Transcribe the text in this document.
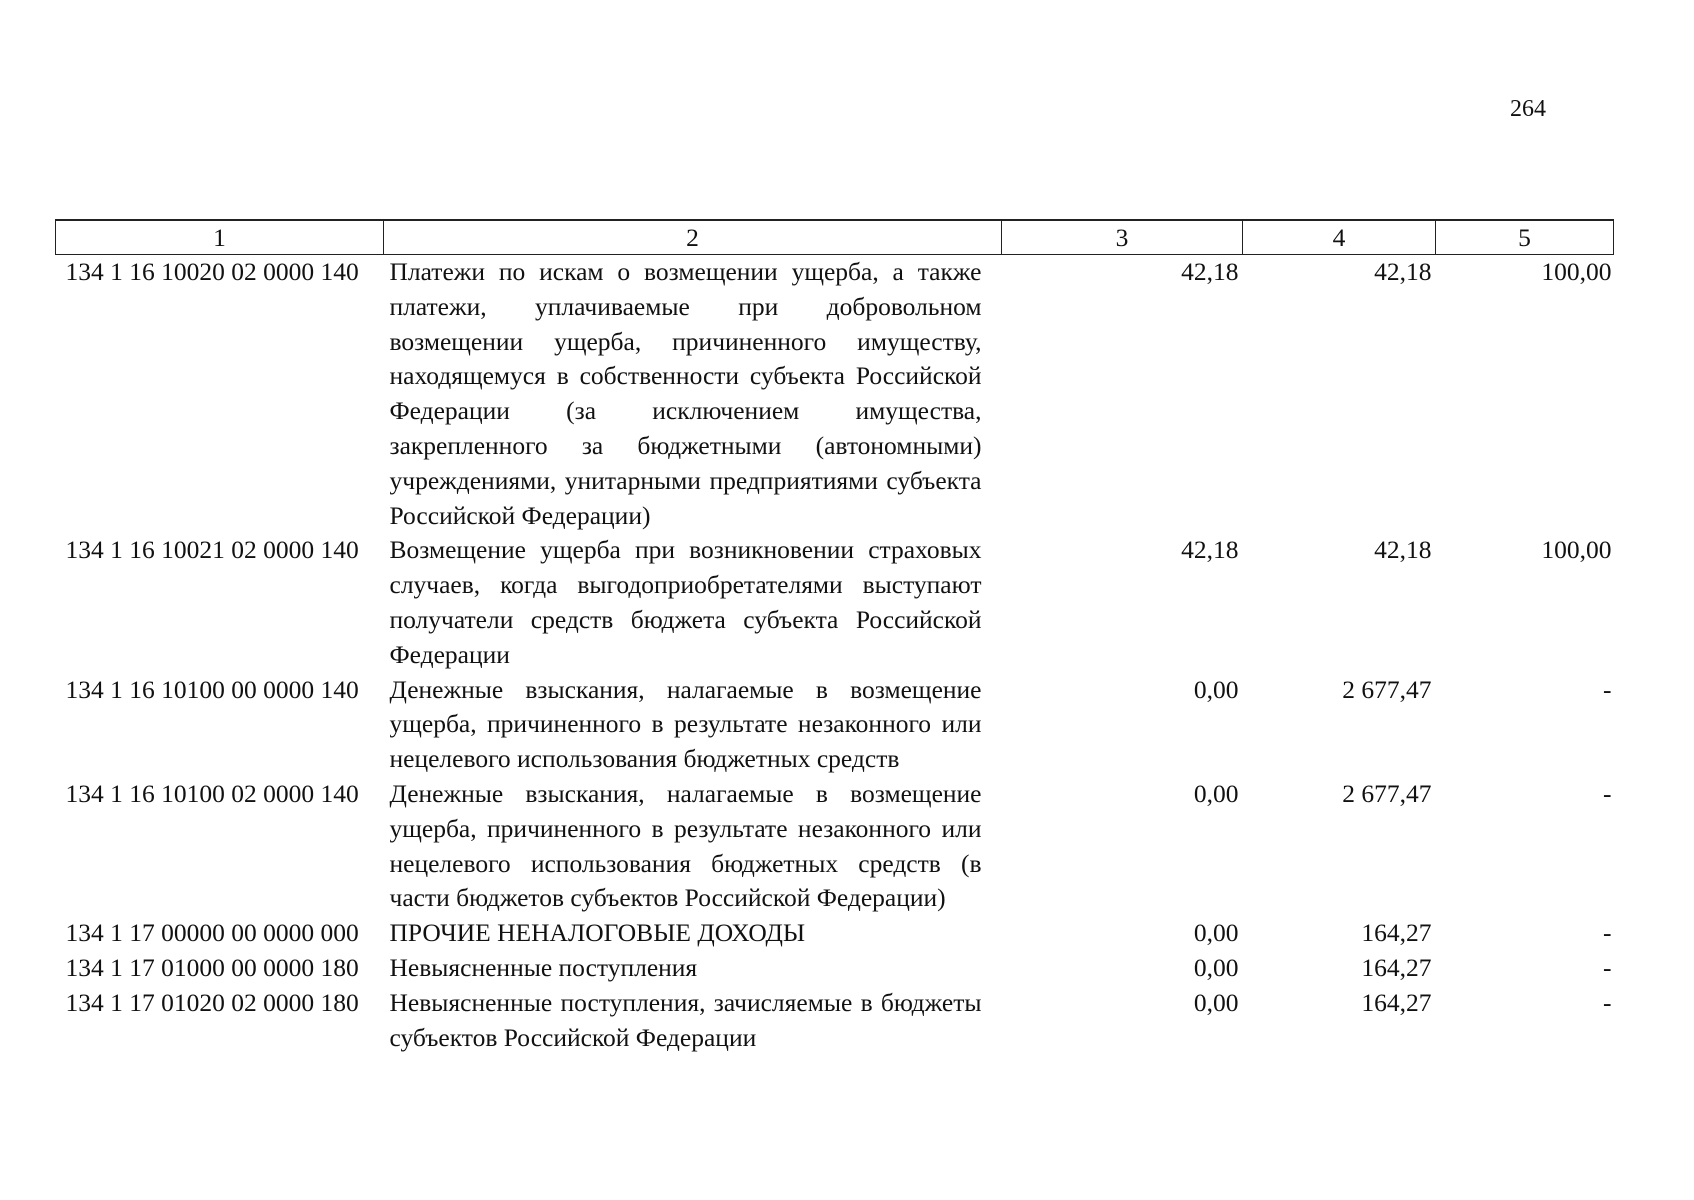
264
1	2	3	4	5
134 1 16 10020 02 0000 140	Платежи по искам о возмещении ущерба, а также платежи, уплачиваемые при добровольном возмещении ущерба, причиненного имуществу, находящемуся в собственности субъекта Российской Федерации (за исключением имущества, закрепленного за бюджетными (автономными) учреждениями, унитарными предприятиями субъекта Российской Федерации)	42,18	42,18	100,00
134 1 16 10021 02 0000 140	Возмещение ущерба при возникновении страховых случаев, когда выгодоприобретателями выступают получатели средств бюджета субъекта Российской Федерации	42,18	42,18	100,00
134 1 16 10100 00 0000 140	Денежные взыскания, налагаемые в возмещение ущерба, причиненного в результате незаконного или нецелевого использования бюджетных средств	0,00	2 677,47	-
134 1 16 10100 02 0000 140	Денежные взыскания, налагаемые в возмещение ущерба, причиненного в результате незаконного или нецелевого использования бюджетных средств (в части бюджетов субъектов Российской Федерации)	0,00	2 677,47	-
134 1 17 00000 00 0000 000	ПРОЧИЕ НЕНАЛОГОВЫЕ ДОХОДЫ	0,00	164,27	-
134 1 17 01000 00 0000 180	Невыясненные поступления	0,00	164,27	-
134 1 17 01020 02 0000 180	Невыясненные поступления, зачисляемые в бюджеты субъектов Российской Федерации	0,00	164,27	-
